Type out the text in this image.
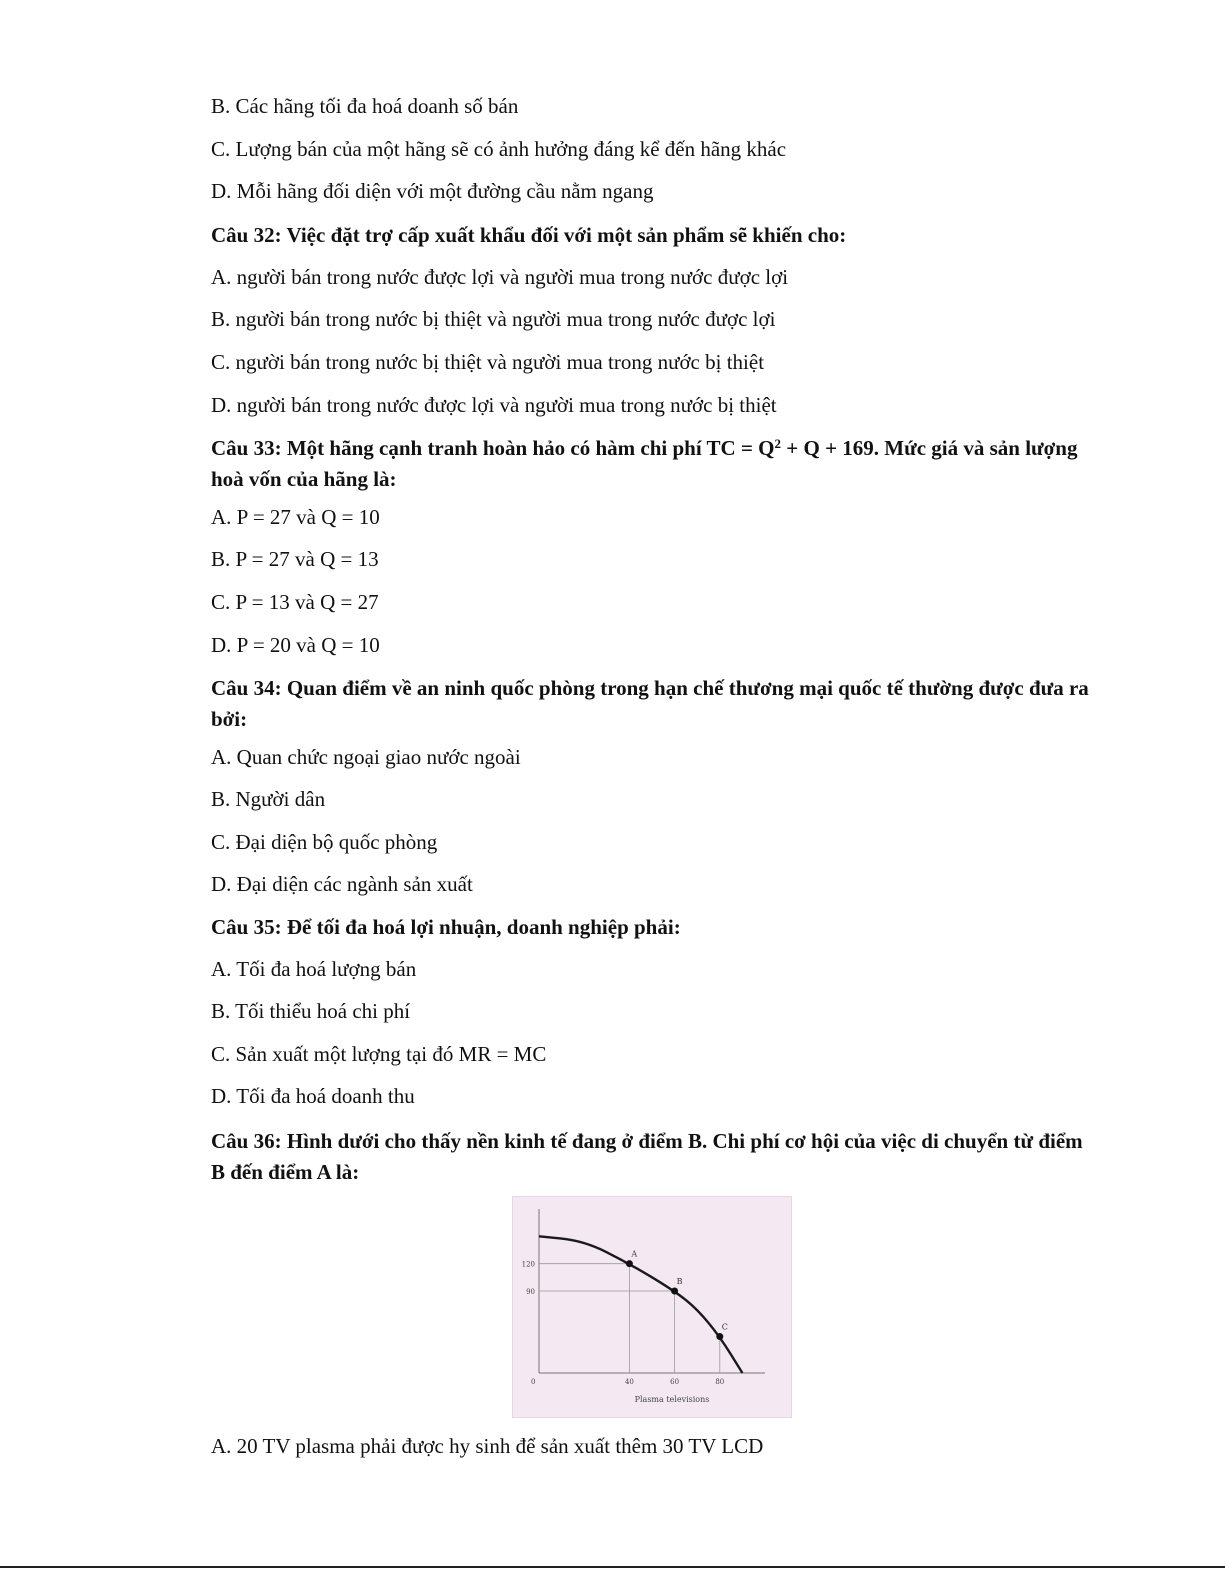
B. Các hãng tối đa hoá doanh số bán
C. Lượng bán của một hãng sẽ có ảnh hưởng đáng kể đến hãng khác
D. Mỗi hãng đối diện với một đường cầu nằm ngang
Câu 32: Việc đặt trợ cấp xuất khẩu đối với một sản phẩm sẽ khiến cho:
A. người bán trong nước được lợi và người mua trong nước được lợi
B. người bán trong nước bị thiệt và người mua trong nước được lợi
C. người bán trong nước bị thiệt và người mua trong nước bị thiệt
D. người bán trong nước được lợi và người mua trong nước bị thiệt
Câu 33: Một hãng cạnh tranh hoàn hảo có hàm chi phí TC = $Q^2 + Q + 169$. Mức giá và sản lượng hoà vốn của hãng là:
A. P = 27 và Q = 10
B. P = 27 và Q = 13
C. P = 13 và Q = 27
D. P = 20 và Q = 10
Câu 34: Quan điểm về an ninh quốc phòng trong hạn chế thương mại quốc tế thường được đưa ra bởi:
A. Quan chức ngoại giao nước ngoài
B. Người dân
C. Đại diện bộ quốc phòng
D. Đại diện các ngành sản xuất
Câu 35: Để tối đa hoá lợi nhuận, doanh nghiệp phải:
A. Tối đa hoá lượng bán
B. Tối thiểu hoá chi phí
C. Sản xuất một lượng tại đó MR = MC
D. Tối đa hoá doanh thu
Câu 36: Hình dưới cho thấy nền kinh tế đang ở điểm B. Chi phí cơ hội của việc di chuyển từ điểm B đến điểm A là:
A
B
C
120
90
40	60	80
0
Plasma televisions
A. 20 TV plasma phải được hy sinh để sản xuất thêm 30 TV LCD
